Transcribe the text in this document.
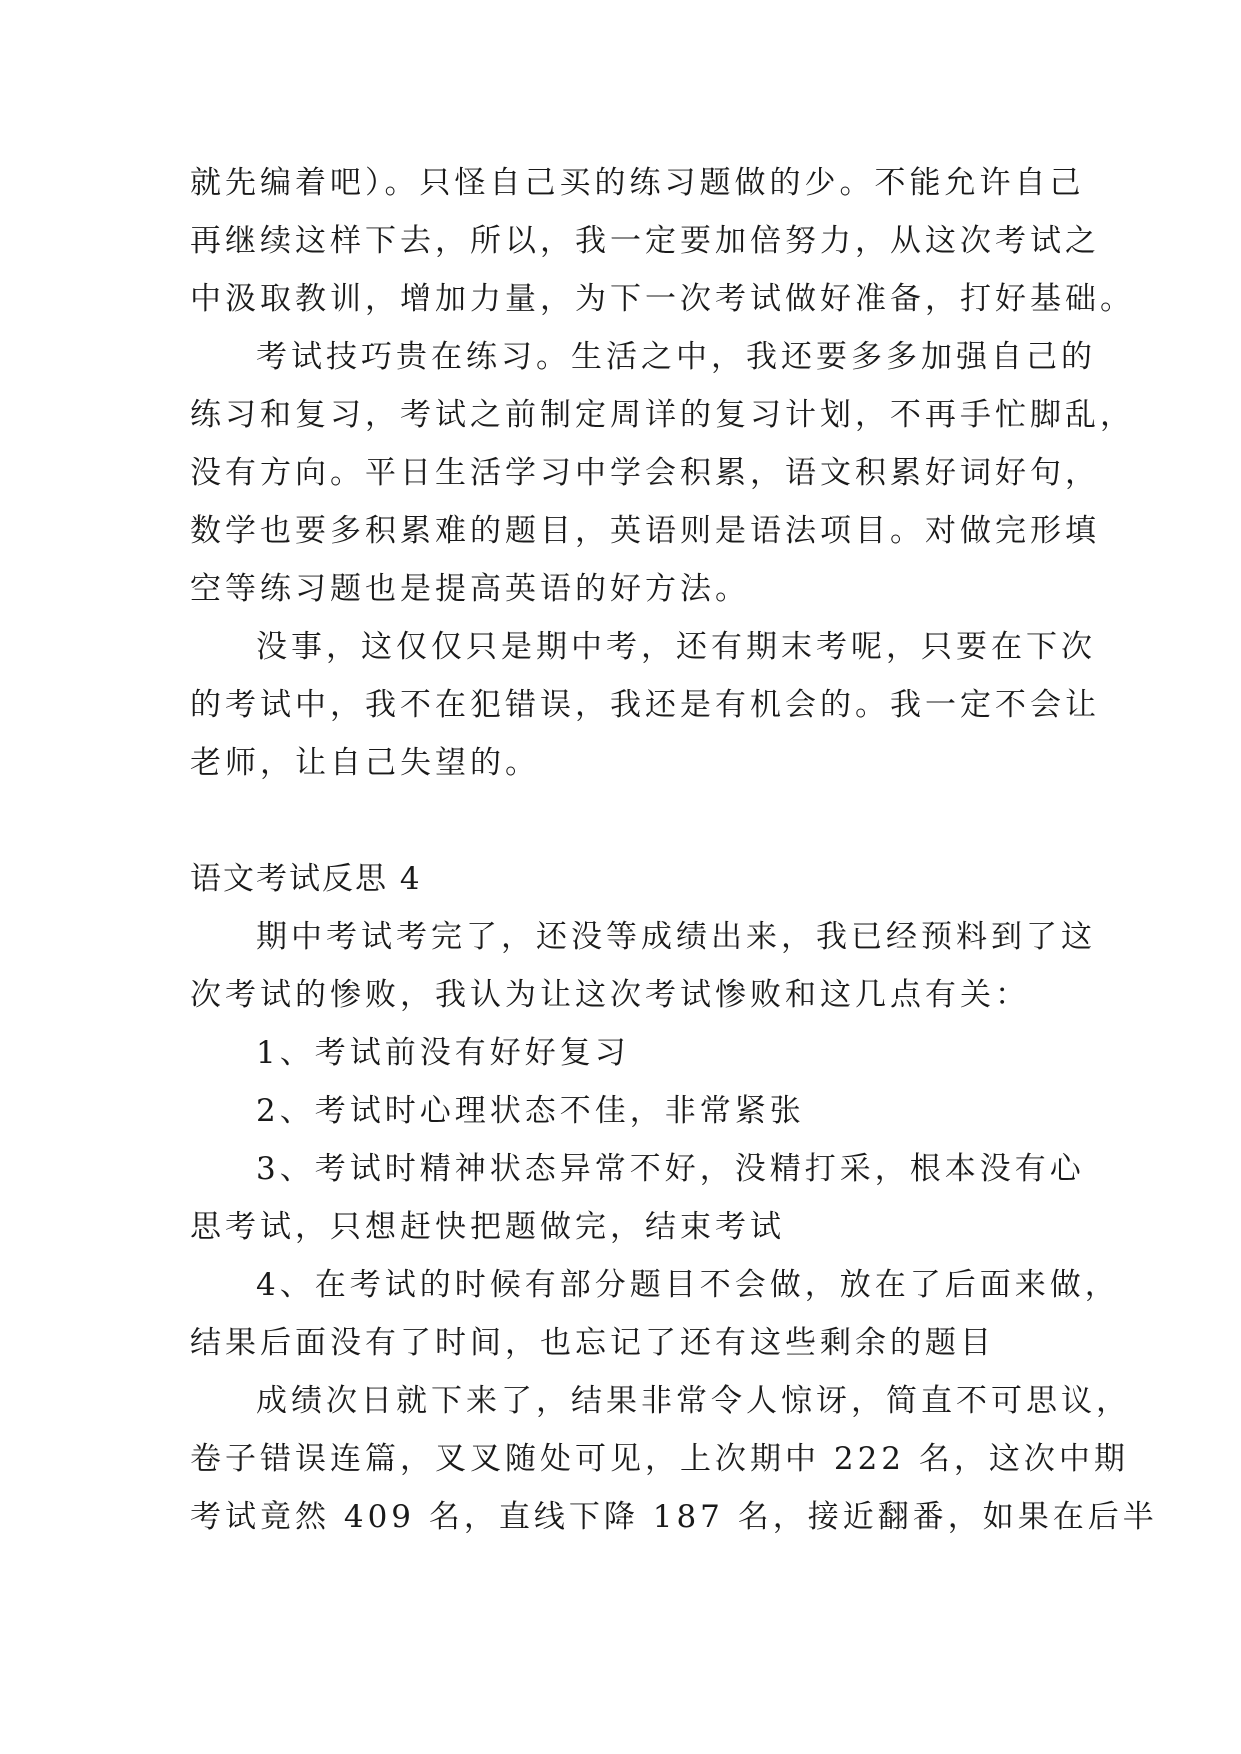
就先编着吧）。只怪自己买的练习题做的少。不能允许自己
再继续这样下去，所以，我一定要加倍努力，从这次考试之
中汲取教训，增加力量，为下一次考试做好准备，打好基础。
考试技巧贵在练习。生活之中，我还要多多加强自己的
练习和复习，考试之前制定周详的复习计划，不再手忙脚乱，
没有方向。平日生活学习中学会积累，语文积累好词好句，
数学也要多积累难的题目，英语则是语法项目。对做完形填
空等练习题也是提高英语的好方法。
没事，这仅仅只是期中考，还有期末考呢，只要在下次
的考试中，我不在犯错误，我还是有机会的。我一定不会让
老师，让自己失望的。
语文考试反思 4
期中考试考完了，还没等成绩出来，我已经预料到了这
次考试的惨败，我认为让这次考试惨败和这几点有关：
1、考试前没有好好复习
2、考试时心理状态不佳，非常紧张
3、考试时精神状态异常不好，没精打采，根本没有心
思考试，只想赶快把题做完，结束考试
4、在考试的时候有部分题目不会做，放在了后面来做，
结果后面没有了时间，也忘记了还有这些剩余的题目
成绩次日就下来了，结果非常令人惊讶，简直不可思议，
卷子错误连篇，叉叉随处可见，上次期中 222 名，这次中期
考试竟然 409 名，直线下降 187 名，接近翻番，如果在后半
